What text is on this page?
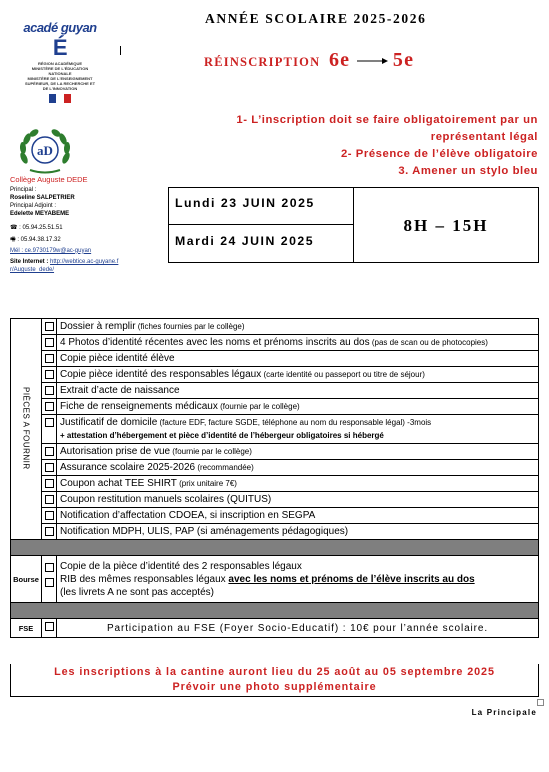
acadé guyan É
RÉGION ACADÉMIQUE
MINISTÈRE DE L'ÉDUCATION NATIONALE
MINISTÈRE DE L'ENSEIGNEMENT SUPÉRIEUR, DE LA RECHERCHE ET DE L'INNOVATION
ANNÉE SCOLAIRE 2025-2026
RÉINSCRIPTION 6e 5e
1- L’inscription doit se faire obligatoirement par un représentant légal
2- Présence de l’élève obligatoire
3. Amener un stylo bleu
aD
Collège Auguste DEDE
Principal :
Roseline SALPETRIER
Principal Adjoint :
Edelette MEYABEME
☎ : 05.94.25.51.51
🖷 : 05.94.38.17.32
Mél : ce.9730179w@ac-guyan
Site Internet : http://webtice.ac-guyane.fr/Auguste_dede/
Lundi 23 JUIN 2025
Mardi 24 JUIN 2025
8H – 15H
PIÈCES A FOURNIR		Dossier à remplir (fiches fournies par le collège)
		4 Photos d’identité récentes avec les noms et prénoms inscrits au dos (pas de scan ou de photocopies)
		Copie pièce identité élève
		Copie pièce identité des responsables légaux (carte identité ou passeport ou titre de séjour)
		Extrait d’acte de naissance
		Fiche de renseignements médicaux (fournie par le collège)
		Justificatif de domicile (facture EDF, facture SGDE, téléphone au nom du responsable légal) -3mois
+ attestation d’hébergement et pièce d’identité de l’hébergeur obligatoires si hébergé

		Autorisation prise de vue (fournie par le collège)
		Assurance scolaire 2025-2026 (recommandée)
		Coupon achat TEE SHIRT (prix unitaire 7€)
		Coupon restitution manuels scolaires (QUITUS)
		Notification d’affectation CDOEA, si inscription en SEGPA
		Notification MDPH, ULIS, PAP (si aménagements pédagogiques)

Bourse		Copie de la pièce d’identité des 2 responsables légaux
RIB des mêmes responsables légaux avec les noms et prénoms de l’élève inscrits au dos
(les livrets A ne sont pas acceptés)

FSE		Participation au FSE (Foyer Socio-Educatif) : 10€ pour l’année scolaire.
Les inscriptions à la cantine auront lieu du 25 août au 05 septembre 2025
Prévoir une photo supplémentaire
La Principale
